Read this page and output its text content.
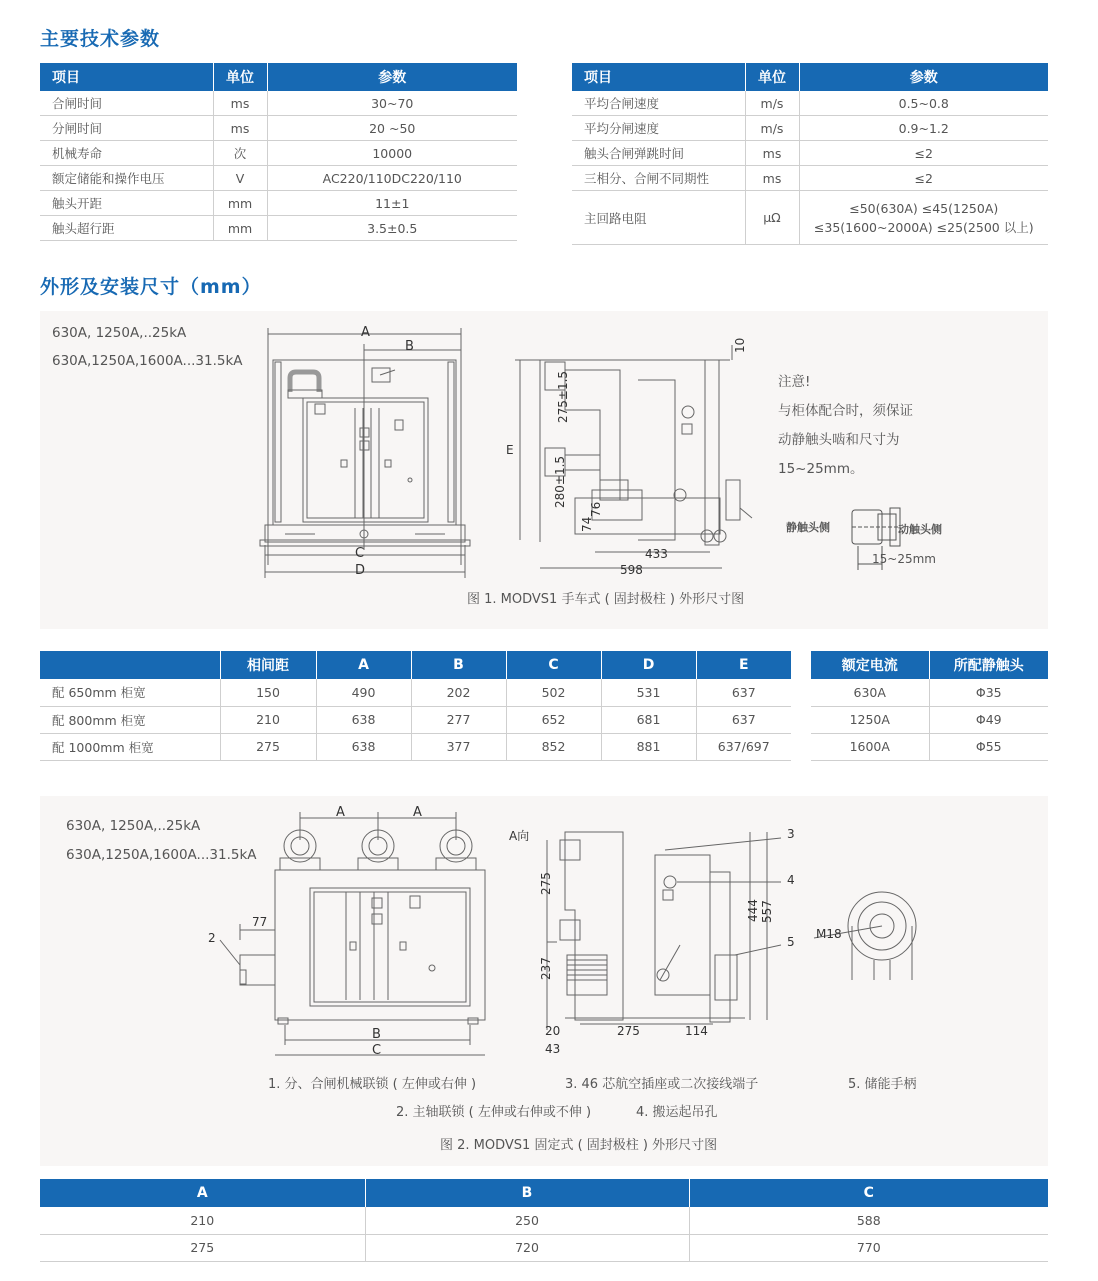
主要技术参数
项目	单位	参数
合闸时间	ms	30~70
分闸时间	ms	20 ~50
机械寿命	次	10000
额定储能和操作电压	V	AC220/110DC220/110
触头开距	mm	11±1
触头超行距	mm	3.5±0.5
项目	单位	参数
平均合闸速度	m/s	0.5~0.8
平均分闸速度	m/s	0.9~1.2
触头合闸弹跳时间	ms	≤2
三相分、合闸不同期性	ms	≤2
主回路电阻	μΩ	≤50(630A) ≤45(1250A)
≤35(1600~2000A) ≤25(2500 以上)
外形及安装尺寸（mm）
630A, 1250A,..25kA
630A,1250A,1600A...31.5kA
A
B
C
D
10
275±1.5
280±1.5
E
74
76
433
598
注意!
与柜体配合时，须保证
动静触头啮和尺寸为
15~25mm。
静触头侧	动触头侧
15~25mm
图 1. MODVS1 手车式 ( 固封极柱 ) 外形尺寸图
	相间距	A	B	C	D	E
配 650mm 柜宽	150	490	202	502	531	637
配 800mm 柜宽	210	638	277	652	681	637
配 1000mm 柜宽	275	638	377	852	881	637/697
额定电流	所配静触头
630A	Φ35
1250A	Φ49
1600A	Φ55
630A, 1250A,..25kA
630A,1250A,1600A...31.5kA
A	A
77
2
B
C
A向	3
4
5
275
237
444 557
20
43
275	114
M18
1. 分、合闸机械联锁 ( 左伸或右伸 )	3. 46 芯航空插座或二次接线端子	5. 储能手柄
2. 主轴联锁 ( 左伸或右伸或不伸 )	4. 搬运起吊孔
图 2. MODVS1 固定式 ( 固封极柱 ) 外形尺寸图
A	B	C
210	250	588
275	720	770
